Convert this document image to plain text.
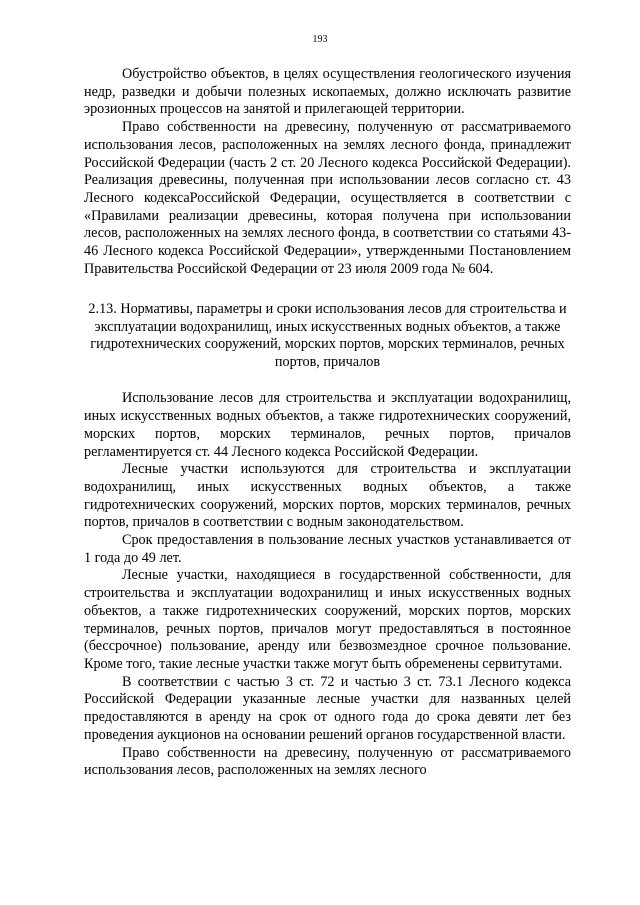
193

Обустройство объектов, в целях осуществления геологического изучения недр, разведки и добычи полезных ископаемых, должно исключать развитие эрозионных процессов на занятой и прилегающей территории.

Право собственности на древесину, полученную от рассматриваемого использования лесов, расположенных на землях лесного фонда, принадлежит Российской Федерации (часть 2 ст. 20 Лесного кодекса Российской Федерации). Реализация древесины, полученная при использовании лесов согласно ст. 43 Лесного кодексаРоссийской Федерации, осуществляется в соответствии с «Правилами реализации древесины, которая получена при использовании лесов, расположенных на землях лесного фонда, в соответствии со статьями 43-46 Лесного кодекса Российской Федерации», утвержденными Постановлением Правительства Российской Федерации от 23 июля 2009 года № 604.

2.13. Нормативы, параметры и сроки использования лесов для строительства и эксплуатации водохранилищ, иных искусственных водных объектов, а также гидротехнических сооружений, морских портов, морских терминалов, речных портов, причалов

Использование лесов для строительства и эксплуатации водохранилищ, иных искусственных водных объектов, а также гидротехнических сооружений, морских портов, морских терминалов, речных портов, причалов регламентируется ст. 44 Лесного кодекса Российской Федерации.

Лесные участки используются для строительства и эксплуатации водохранилищ, иных искусственных водных объектов, а также гидротехнических сооружений, морских портов, морских терминалов, речных портов, причалов в соответствии с водным законодательством.

Срок предоставления в пользование лесных участков устанавливается от 1 года до 49 лет.

Лесные участки, находящиеся в государственной собственности, для строительства и эксплуатации водохранилищ и иных искусственных водных объектов, а также гидротехнических сооружений, морских портов, морских терминалов, речных портов, причалов могут предоставляться в постоянное (бессрочное) пользование, аренду или безвозмездное срочное пользование. Кроме того, такие лесные участки также могут быть обременены сервитутами.

В соответствии с частью 3 ст. 72 и частью 3 ст. 73.1 Лесного кодекса Российской Федерации указанные лесные участки для названных целей предоставляются в аренду на срок от одного года до срока девяти лет без проведения аукционов на основании решений органов государственной власти.

Право собственности на древесину, полученную от рассматриваемого использования лесов, расположенных на землях лесного
